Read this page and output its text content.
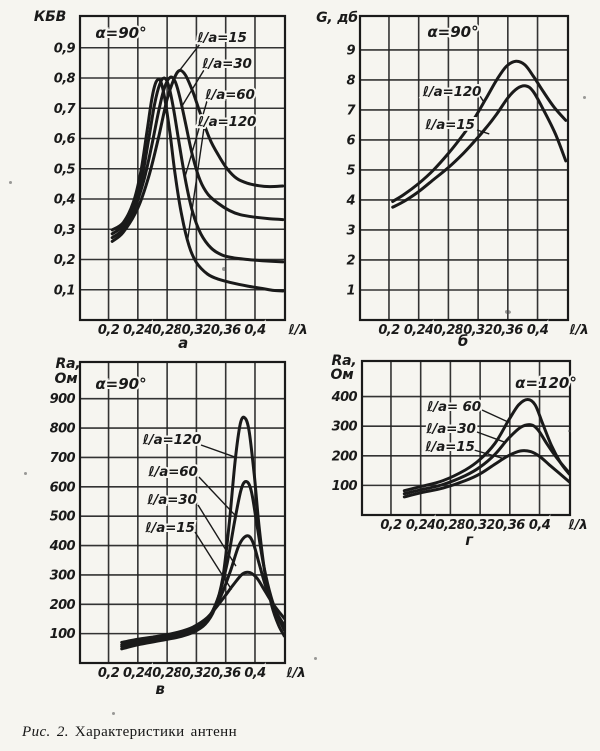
ℓ/a=15
ℓ/a=30
ℓ/a=60
ℓ/a=120
0,2 0,24 0,28 0,32 0,36 0,4
0,1
0,2
0,3
0,4
0,5
0,6
0,7
0,8
0,9
ℓ/λ
КБВ
α=90°
а
ℓ/a=120
ℓ/a=15
0,2 0,24 0,28 0,32 0,36 0,4
1
2
3
4
5
6
7
8
9
ℓ/λ
G, дб
α=90°
б
ℓ/a=120
ℓ/a=60
ℓ/a=30
ℓ/a=15
0,2 0,24 0,28 0,32 0,36 0,4
100
200
300
400
500
600
700
800
900
ℓ/λ
Rа,
Ом α=90°
в
ℓ/a= 60
ℓ/a=30
ℓ/a=15
0,2 0,24 0,28 0,32 0,36 0,4
100
200
300
400
ℓ/λ
Rа,
Ом	α=120°
г
Рис. 2. Характеристики антенн
